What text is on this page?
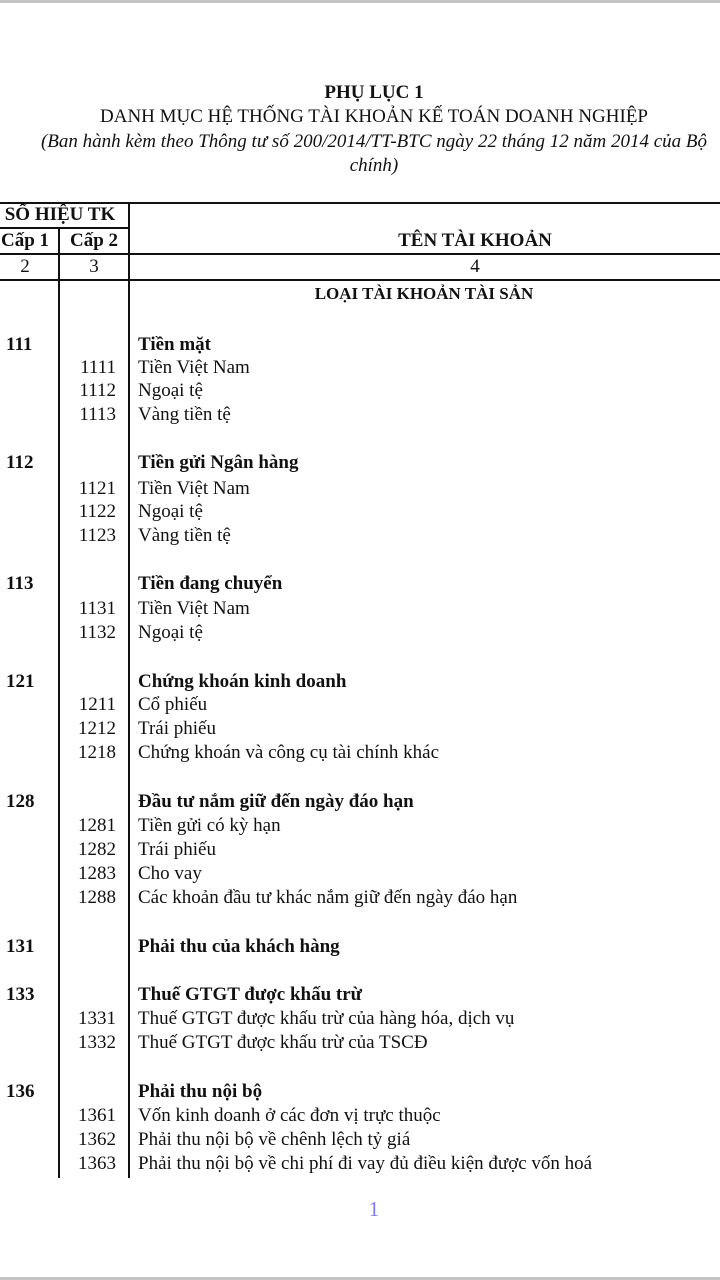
PHỤ LỤC 1
DANH MỤC HỆ THỐNG TÀI KHOẢN KẾ TOÁN DOANH NGHIỆP
(Ban hành kèm theo Thông tư số 200/2014/TT-BTC ngày 22 tháng 12 năm 2014 của Bộ
chính)
SỐ HIỆU TK
Cấp 1	Cấp 2	TÊN TÀI KHOẢN
2	3	4
LOẠI TÀI KHOẢN TÀI SẢN
111	Tiền mặt
1111 Tiền Việt Nam
1112 Ngoại tệ
1113 Vàng tiền tệ
112	Tiền gửi Ngân hàng
1121 Tiền Việt Nam
1122 Ngoại tệ
1123 Vàng tiền tệ
113	Tiền đang chuyển
1131 Tiền Việt Nam
1132 Ngoại tệ
121	Chứng khoán kinh doanh
1211 Cổ phiếu
1212 Trái phiếu
1218 Chứng khoán và công cụ tài chính khác
128	Đầu tư nắm giữ đến ngày đáo hạn
1281 Tiền gửi có kỳ hạn
1282 Trái phiếu
1283 Cho vay
1288 Các khoản đầu tư khác nắm giữ đến ngày đáo hạn
131	Phải thu của khách hàng
133	Thuế GTGT được khấu trừ
1331 Thuế GTGT được khấu trừ của hàng hóa, dịch vụ
1332 Thuế GTGT được khấu trừ của TSCĐ
136	Phải thu nội bộ
1361 Vốn kinh doanh ở các đơn vị trực thuộc
1362 Phải thu nội bộ về chênh lệch tỷ giá
1363 Phải thu nội bộ về chi phí đi vay đủ điều kiện được vốn hoá
1
